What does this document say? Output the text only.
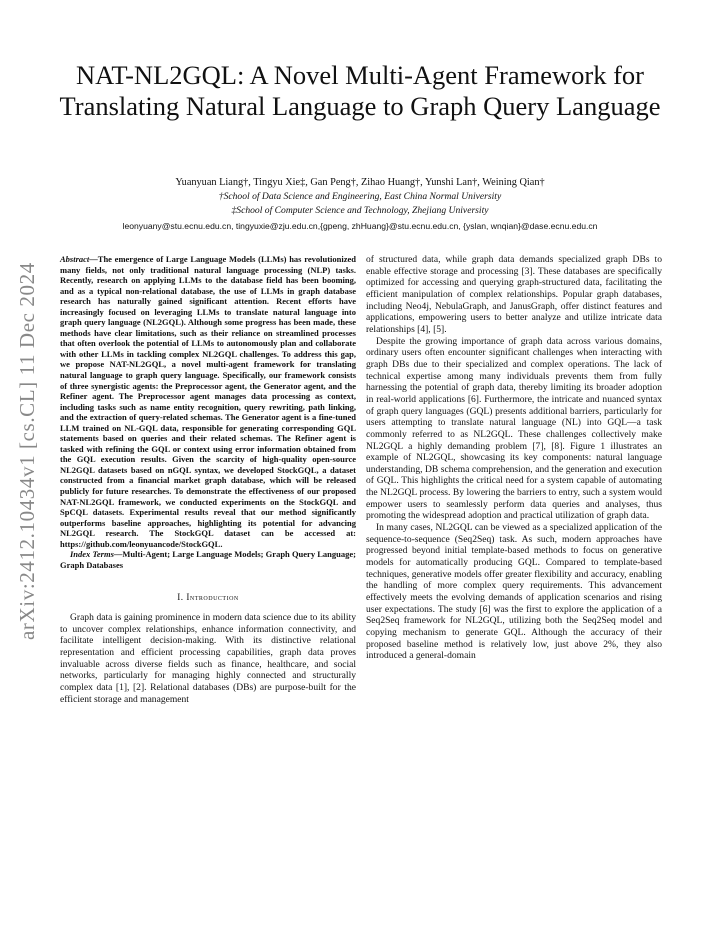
NAT-NL2GQL: A Novel Multi-Agent Framework for Translating Natural Language to Graph Query Language
Yuanyuan Liang†, Tingyu Xie‡, Gan Peng†, Zihao Huang†, Yunshi Lan†, Weining Qian†
†School of Data Science and Engineering, East China Normal University
‡School of Computer Science and Technology, Zhejiang University
leonyuany@stu.ecnu.edu.cn, tingyuxie@zju.edu.cn,{gpeng, zhHuang}@stu.ecnu.edu.cn, {yslan, wnqian}@dase.ecnu.edu.cn
arXiv:2412.10434v1 [cs.CL] 11 Dec 2024

Abstract—The emergence of Large Language Models (LLMs) has revolutionized many fields, not only traditional natural language processing (NLP) tasks. Recently, research on applying LLMs to the database field has been booming, and as a typical non-relational database, the use of LLMs in graph database research has naturally gained significant attention. Recent efforts have increasingly focused on leveraging LLMs to translate natural language into graph query language (NL2GQL). Although some progress has been made, these methods have clear limitations, such as their reliance on streamlined processes that often overlook the potential of LLMs to autonomously plan and collaborate with other LLMs in tackling complex NL2GQL challenges. To address this gap, we propose NAT-NL2GQL, a novel multi-agent framework for translating natural language to graph query language. Specifically, our framework consists of three synergistic agents: the Preprocessor agent, the Generator agent, and the Refiner agent. The Preprocessor agent manages data processing as context, including tasks such as name entity recognition, query rewriting, path linking, and the extraction of query-related schemas. The Generator agent is a fine-tuned LLM trained on NL-GQL data, responsible for generating corresponding GQL statements based on queries and their related schemas. The Refiner agent is tasked with refining the GQL or context using error information obtained from the GQL execution results. Given the scarcity of high-quality open-source NL2GQL datasets based on nGQL syntax, we developed StockGQL, a dataset constructed from a financial market graph database, which will be released publicly for future researches. To demonstrate the effectiveness of our proposed NAT-NL2GQL framework, we conducted experiments on the StockGQL and SpCQL datasets. Experimental results reveal that our method significantly outperforms baseline approaches, highlighting its potential for advancing NL2GQL research. The StockGQL dataset can be accessed at: https://github.com/leonyuancode/StockGQL.

Index Terms—Multi-Agent; Large Language Models; Graph Query Language; Graph Databases

I. Introduction

Graph data is gaining prominence in modern data science due to its ability to uncover complex relationships, enhance information connectivity, and facilitate intelligent decision-making. With its distinctive relational representation and efficient processing capabilities, graph data proves invaluable across diverse fields such as finance, healthcare, and social networks, particularly for managing highly connected and structurally complex data [1], [2]. Relational databases (DBs) are purpose-built for the efficient storage and management

of structured data, while graph data demands specialized graph DBs to enable effective storage and processing [3]. These databases are specifically optimized for accessing and querying graph-structured data, facilitating the efficient manipulation of complex relationships. Popular graph databases, including Neo4j, NebulaGraph, and JanusGraph, offer distinct features and applications, empowering users to better analyze and utilize intricate data relationships [4], [5].

Despite the growing importance of graph data across various domains, ordinary users often encounter significant challenges when interacting with graph DBs due to their specialized and complex operations. The lack of technical expertise among many individuals prevents them from fully harnessing the potential of graph data, thereby limiting its broader adoption in real-world applications [6]. Furthermore, the intricate and nuanced syntax of graph query languages (GQL) presents additional barriers, particularly for users attempting to translate natural language (NL) into GQL—a task commonly referred to as NL2GQL. These challenges collectively make NL2GQL a highly demanding problem [7], [8]. Figure 1 illustrates an example of NL2GQL, showcasing its key components: natural language understanding, DB schema comprehension, and the generation and execution of GQL. This highlights the critical need for a system capable of automating the NL2GQL process. By lowering the barriers to entry, such a system would empower users to seamlessly perform data queries and analyses, thus promoting the widespread adoption and practical utilization of graph data.

In many cases, NL2GQL can be viewed as a specialized application of the sequence-to-sequence (Seq2Seq) task. As such, modern approaches have progressed beyond initial template-based methods to focus on generative models for automatically producing GQL. Compared to template-based techniques, generative models offer greater flexibility and accuracy, enabling the handling of more complex query requirements. This advancement effectively meets the evolving demands of application scenarios and rising user expectations. The study [6] was the first to explore the application of a Seq2Seq framework for NL2GQL, utilizing both the Seq2Seq model and copying mechanism to generate GQL. Although the accuracy of their proposed baseline method is relatively low, just above 2%, they also introduced a general-domain
